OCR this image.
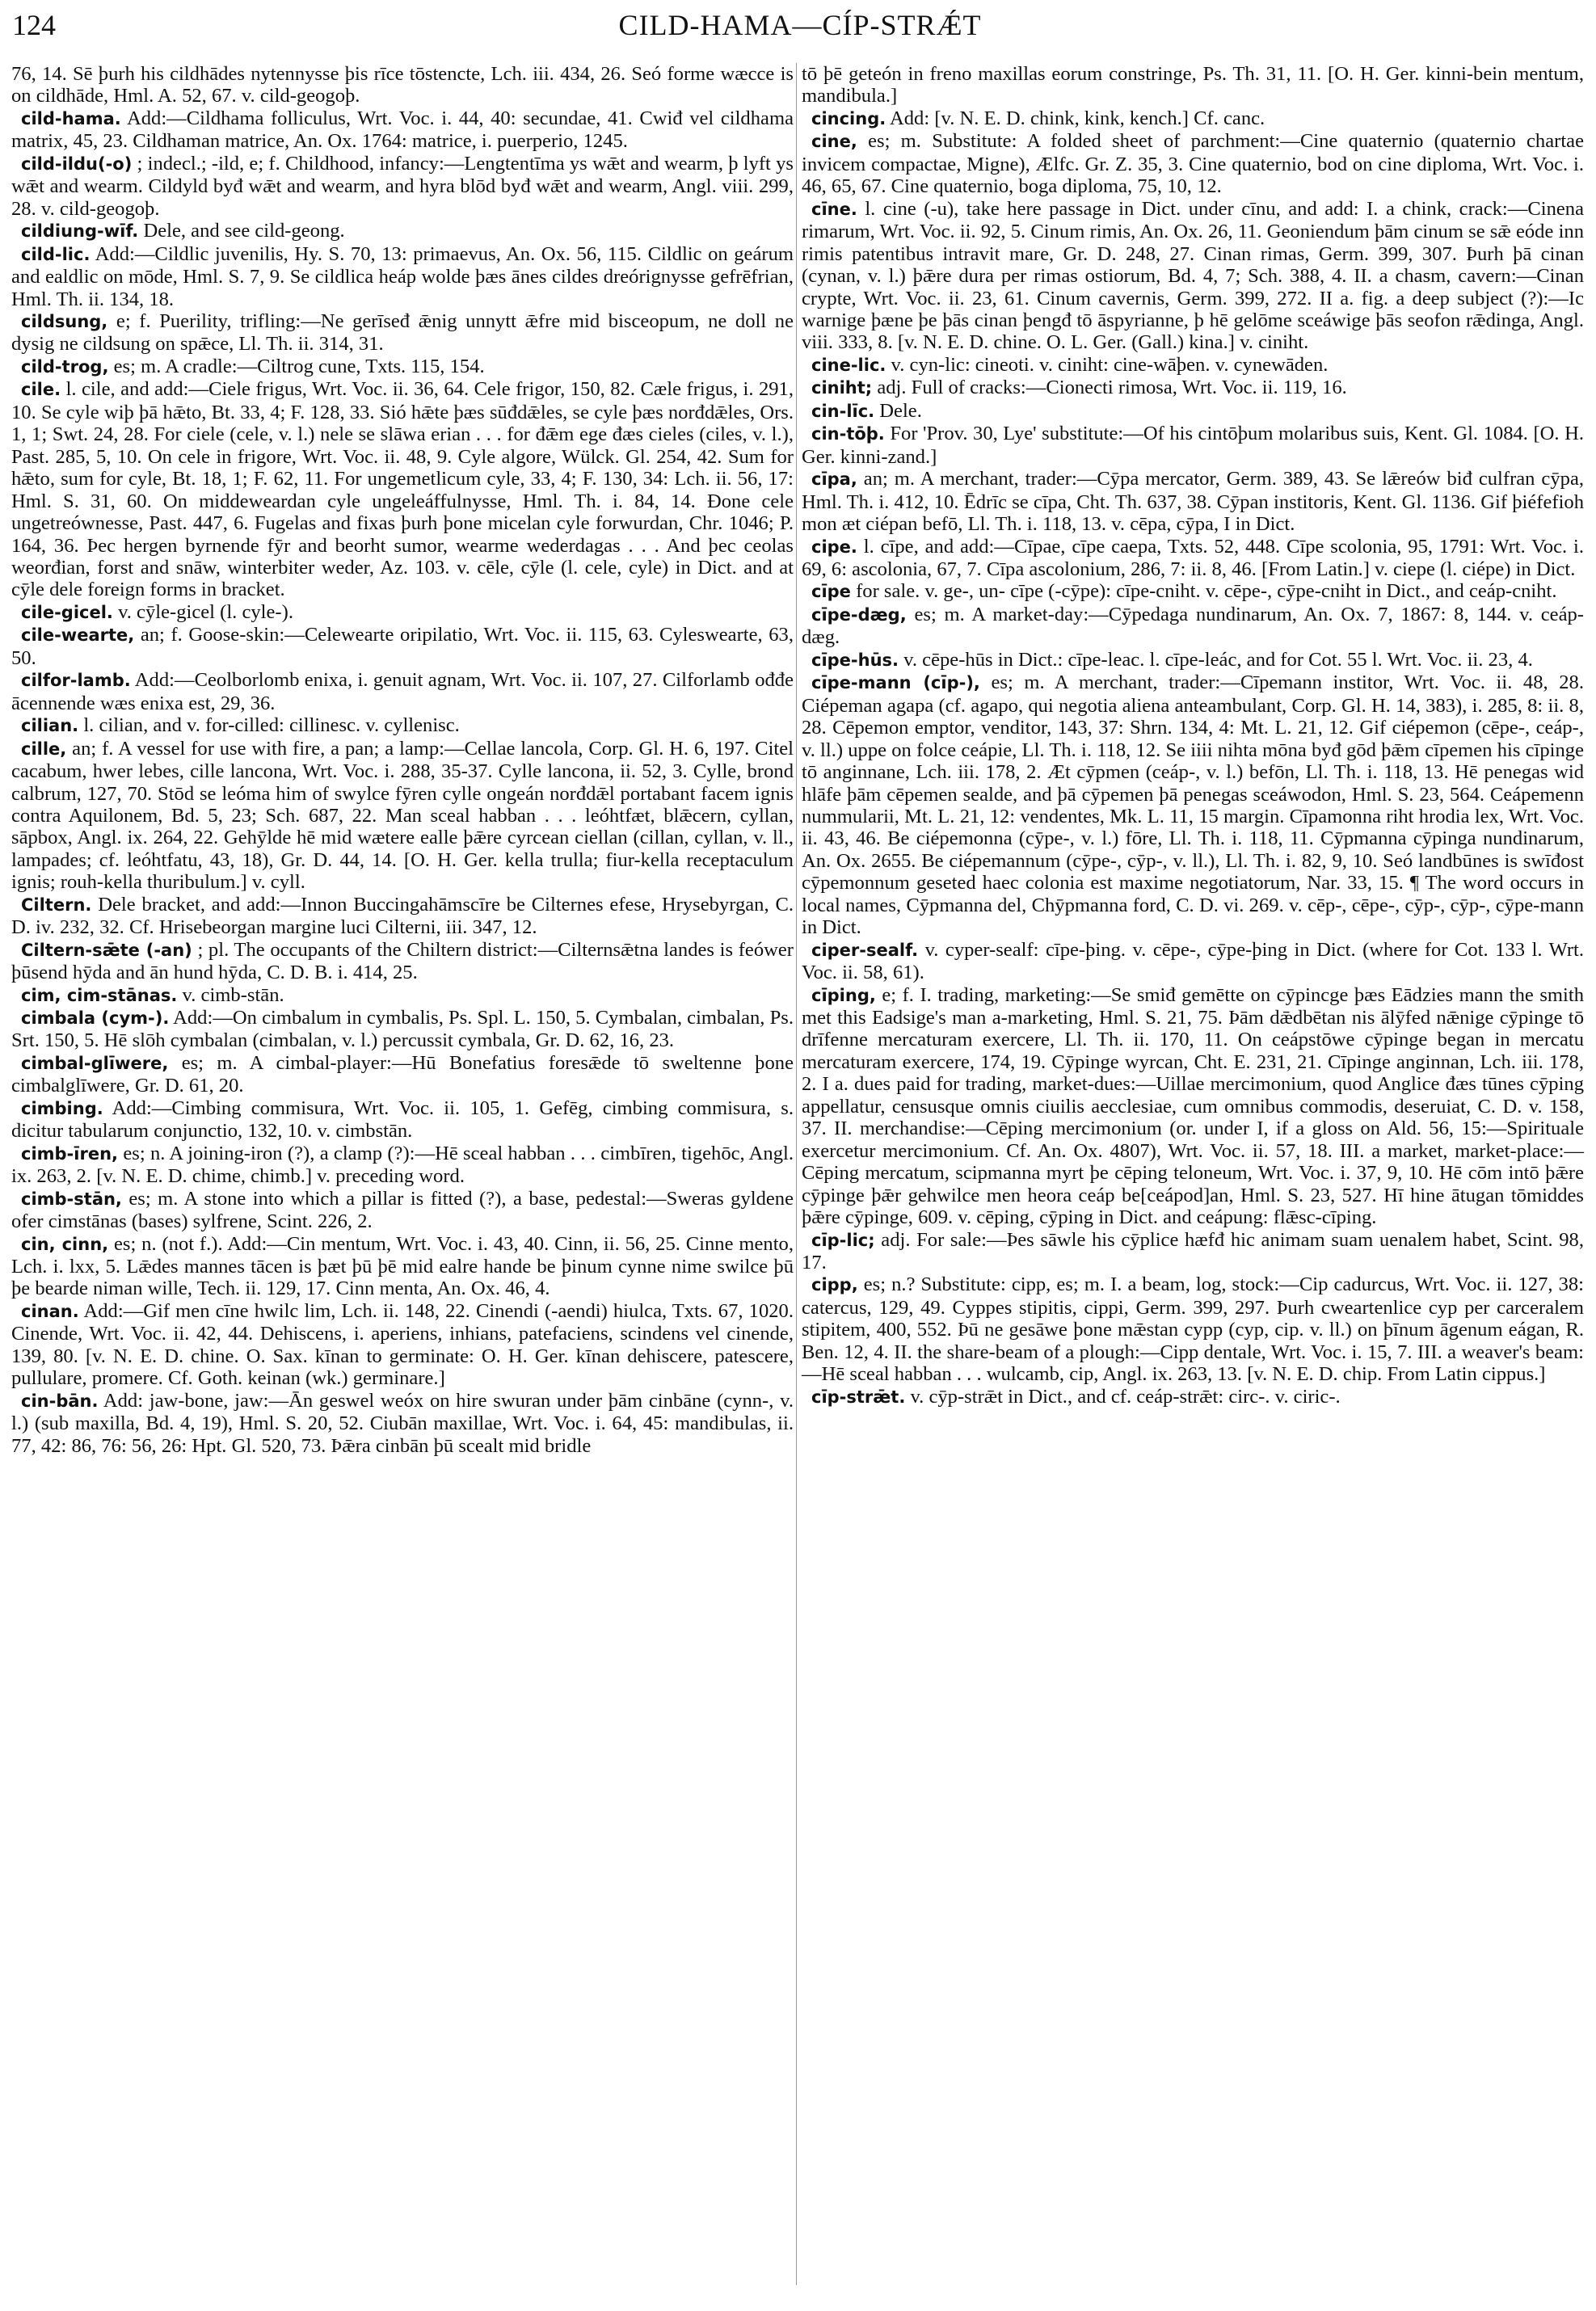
124	CILD-HAMA—CÍP-STRǼT

76, 14. Sē þurh his cildhādes nytennysse þis rīce tōstencte, Lch. iii. 434, 26. Seó forme wæcce is on cildhāde, Hml. A. 52, 67. v. cild-geogoþ.

cild-hama. Add:—Cildhama folliculus, Wrt. Voc. i. 44, 40: secundae, 41. Cwiđ vel cildhama matrix, 45, 23. Cildhaman matrice, An. Ox. 1764: matrice, i. puerperio, 1245.

cild-ildu(-o) ; indecl.; -ild, e; f. Childhood, infancy:—Lengtentīma ys wǣt and wearm, þ lyft ys wǣt and wearm. Cildyld byđ wǣt and wearm, and hyra blōd byđ wǣt and wearm, Angl. viii. 299, 28. v. cild-geogoþ.

cildiung-wīf. Dele, and see cild-geong.

cild-lic. Add:—Cildlic juvenilis, Hy. S. 70, 13: primaevus, An. Ox. 56, 115. Cildlic on geárum and ealdlic on mōde, Hml. S. 7, 9. Se cildlica heáp wolde þæs ānes cildes dreórignysse gefrēfrian, Hml. Th. ii. 134, 18.

cildsung, e; f. Puerility, trifling:—Ne gerīseđ ǣnig unnytt ǣfre mid bisceopum, ne doll ne dysig ne cildsung on spǣce, Ll. Th. ii. 314, 31.

cild-trog, es; m. A cradle:—Ciltrog cune, Txts. 115, 154.

cile. l. cile, and add:—Ciele frigus, Wrt. Voc. ii. 36, 64. Cele frigor, 150, 82. Cæle frigus, i. 291, 10. Se cyle wiþ þā hǣto, Bt. 33, 4; F. 128, 33. Sió hǣte þæs sūđdǣles, se cyle þæs norđdǣles, Ors. 1, 1; Swt. 24, 28. For ciele (cele, v. l.) nele se slāwa erian . . . for đǣm ege đæs cieles (ciles, v. l.), Past. 285, 5, 10. On cele in frigore, Wrt. Voc. ii. 48, 9. Cyle algore, Wülck. Gl. 254, 42. Sum for hǣto, sum for cyle, Bt. 18, 1; F. 62, 11. For ungemetlicum cyle, 33, 4; F. 130, 34: Lch. ii. 56, 17: Hml. S. 31, 60. On middeweardan cyle ungeleáffulnysse, Hml. Th. i. 84, 14. Đone cele ungetreównesse, Past. 447, 6. Fugelas and fixas þurh þone micelan cyle forwurdan, Chr. 1046; P. 164, 36. Þec hergen byrnende fȳr and beorht sumor, wearme wederdagas . . . And þec ceolas weorđian, forst and snāw, winterbiter weder, Az. 103. v. cēle, cȳle (l. cele, cyle) in Dict. and at cȳle dele foreign forms in bracket.

cile-gicel. v. cȳle-gicel (l. cyle-).

cile-wearte, an; f. Goose-skin:—Celewearte oripilatio, Wrt. Voc. ii. 115, 63. Cyleswearte, 63, 50.

cilfor-lamb. Add:—Ceolborlomb enixa, i. genuit agnam, Wrt. Voc. ii. 107, 27. Cilforlamb ođđe ācennende wæs enixa est, 29, 36.

cilian. l. cilian, and v. for-cilled: cillinesc. v. cyllenisc.

cille, an; f. A vessel for use with fire, a pan; a lamp:—Cellae lancola, Corp. Gl. H. 6, 197. Citel cacabum, hwer lebes, cille lancona, Wrt. Voc. i. 288, 35-37. Cylle lancona, ii. 52, 3. Cylle, brond calbrum, 127, 70. Stōd se leóma him of swylce fȳren cylle ongeán norđdǣl portabant facem ignis contra Aquilonem, Bd. 5, 23; Sch. 687, 22. Man sceal habban . . . leóhtfæt, blǣcern, cyllan, sāpbox, Angl. ix. 264, 22. Gehȳlde hē mid wætere ealle þǣre cyrcean ciellan (cillan, cyllan, v. ll., lampades; cf. leóhtfatu, 43, 18), Gr. D. 44, 14. [O. H. Ger. kella trulla; fiur-kella receptaculum ignis; rouh-kella thuribulum.] v. cyll.

Ciltern. Dele bracket, and add:—Innon Buccingahāmscīre be Cilternes efese, Hrysebyrgan, C. D. iv. 232, 32. Cf. Hrisebeorgan margine luci Cilterni, iii. 347, 12.

Ciltern-sǣte (-an) ; pl. The occupants of the Chiltern district:—Cilternsǣtna landes is feówer þūsend hȳda and ān hund hȳda, C. D. B. i. 414, 25.

cim, cim-stānas. v. cimb-stān.

cimbala (cym-). Add:—On cimbalum in cymbalis, Ps. Spl. L. 150, 5. Cymbalan, cimbalan, Ps. Srt. 150, 5. Hē slōh cymbalan (cimbalan, v. l.) percussit cymbala, Gr. D. 62, 16, 23.

cimbal-glīwere, es; m. A cimbal-player:—Hū Bonefatius foresǣde tō sweltenne þone cimbalglīwere, Gr. D. 61, 20.

cimbing. Add:—Cimbing commisura, Wrt. Voc. ii. 105, 1. Gefēg, cimbing commisura, s. dicitur tabularum conjunctio, 132, 10. v. cimbstān.

cimb-īren, es; n. A joining-iron (?), a clamp (?):—Hē sceal habban . . . cimbīren, tigehōc, Angl. ix. 263, 2. [v. N. E. D. chime, chimb.] v. preceding word.

cimb-stān, es; m. A stone into which a pillar is fitted (?), a base, pedestal:—Sweras gyldene ofer cimstānas (bases) sylfrene, Scint. 226, 2.

cin, cinn, es; n. (not f.). Add:—Cin mentum, Wrt. Voc. i. 43, 40. Cinn, ii. 56, 25. Cinne mento, Lch. i. lxx, 5. Lǣdes mannes tācen is þæt þū þē mid ealre hande be þinum cynne nime swilce þū þe bearde niman wille, Tech. ii. 129, 17. Cinn menta, An. Ox. 46, 4.

cinan. Add:—Gif men cīne hwilc lim, Lch. ii. 148, 22. Cinendi (-aendi) hiulca, Txts. 67, 1020. Cinende, Wrt. Voc. ii. 42, 44. Dehiscens, i. aperiens, inhians, patefaciens, scindens vel cinende, 139, 80. [v. N. E. D. chine. O. Sax. kīnan to germinate: O. H. Ger. kīnan dehiscere, patescere, pullulare, promere. Cf. Goth. keinan (wk.) germinare.]

cin-bān. Add: jaw-bone, jaw:—Ān geswel weóx on hire swuran under þām cinbāne (cynn-, v. l.) (sub maxilla, Bd. 4, 19), Hml. S. 20, 52. Ciubān maxillae, Wrt. Voc. i. 64, 45: mandibulas, ii. 77, 42: 86, 76: 56, 26: Hpt. Gl. 520, 73. Þǣra cinbān þū scealt mid bridle

tō þē geteón in freno maxillas eorum constringe, Ps. Th. 31, 11. [O. H. Ger. kinni-bein mentum, mandibula.]

cincing. Add: [v. N. E. D. chink, kink, kench.] Cf. canc.

cine, es; m. Substitute: A folded sheet of parchment:—Cine quaternio (quaternio chartae invicem compactae, Migne), Ælfc. Gr. Z. 35, 3. Cine quaternio, bod on cine diploma, Wrt. Voc. i. 46, 65, 67. Cine quaternio, boga diploma, 75, 10, 12.

cīne. l. cine (-u), take here passage in Dict. under cīnu, and add: I. a chink, crack:—Cinena rimarum, Wrt. Voc. ii. 92, 5. Cinum rimis, An. Ox. 26, 11. Geoniendum þām cinum se sǣ eóde inn rimis patentibus intravit mare, Gr. D. 248, 27. Cinan rimas, Germ. 399, 307. Þurh þā cinan (cynan, v. l.) þǣre dura per rimas ostiorum, Bd. 4, 7; Sch. 388, 4. II. a chasm, cavern:—Cinan crypte, Wrt. Voc. ii. 23, 61. Cinum cavernis, Germ. 399, 272. II a. fig. a deep subject (?):—Ic warnige þæne þe þās cinan þengđ tō āspyrianne, þ hē gelōme sceáwige þās seofon rǣdinga, Angl. viii. 333, 8. [v. N. E. D. chine. O. L. Ger. (Gall.) kina.] v. ciniht.

cine-lic. v. cyn-lic: cineoti. v. ciniht: cine-wāþen. v. cynewāden.

ciniht; adj. Full of cracks:—Cionecti rimosa, Wrt. Voc. ii. 119, 16.

cin-līc. Dele.

cin-tōþ. For 'Prov. 30, Lye' substitute:—Of his cintōþum molaribus suis, Kent. Gl. 1084. [O. H. Ger. kinni-zand.]

cīpa, an; m. A merchant, trader:—Cȳpa mercator, Germ. 389, 43. Se lǣreów biđ culfran cȳpa, Hml. Th. i. 412, 10. Ēdrīc se cīpa, Cht. Th. 637, 38. Cȳpan institoris, Kent. Gl. 1136. Gif þiéfefioh mon æt ciépan befō, Ll. Th. i. 118, 13. v. cēpa, cȳpa, I in Dict.

cipe. l. cīpe, and add:—Cīpae, cīpe caepa, Txts. 52, 448. Cīpe scolonia, 95, 1791: Wrt. Voc. i. 69, 6: ascolonia, 67, 7. Cīpa ascolonium, 286, 7: ii. 8, 46. [From Latin.] v. ciepe (l. ciépe) in Dict.

cīpe for sale. v. ge-, un- cīpe (-cȳpe): cīpe-cniht. v. cēpe-, cȳpe-cniht in Dict., and ceáp-cniht.

cīpe-dæg, es; m. A market-day:—Cȳpedaga nundinarum, An. Ox. 7, 1867: 8, 144. v. ceáp-dæg.

cīpe-hūs. v. cēpe-hūs in Dict.: cīpe-leac. l. cīpe-leác, and for Cot. 55 l. Wrt. Voc. ii. 23, 4.

cīpe-mann (cīp-), es; m. A merchant, trader:—Cīpemann institor, Wrt. Voc. ii. 48, 28. Ciépeman agapa (cf. agapo, qui negotia aliena anteambulant, Corp. Gl. H. 14, 383), i. 285, 8: ii. 8, 28. Cēpemon emptor, venditor, 143, 37: Shrn. 134, 4: Mt. L. 21, 12. Gif ciépemon (cēpe-, ceáp-, v. ll.) uppe on folce ceápie, Ll. Th. i. 118, 12. Se iiii nihta mōna byđ gōd þǣm cīpemen his cīpinge tō anginnane, Lch. iii. 178, 2. Æt cȳpmen (ceáp-, v. l.) befōn, Ll. Th. i. 118, 13. Hē penegas wid hlāfe þām cēpemen sealde, and þā cȳpemen þā penegas sceáwodon, Hml. S. 23, 564. Ceápemenn nummularii, Mt. L. 21, 12: vendentes, Mk. L. 11, 15 margin. Cīpamonna riht hrodia lex, Wrt. Voc. ii. 43, 46. Be ciépemonna (cȳpe-, v. l.) fōre, Ll. Th. i. 118, 11. Cȳpmanna cȳpinga nundinarum, An. Ox. 2655. Be ciépemannum (cȳpe-, cȳp-, v. ll.), Ll. Th. i. 82, 9, 10. Seó landbūnes is swīđost cȳpemonnum geseted haec colonia est maxime negotiatorum, Nar. 33, 15. ¶ The word occurs in local names, Cȳpmanna del, Chȳpmanna ford, C. D. vi. 269. v. cēp-, cēpe-, cȳp-, cȳp-, cȳpe-mann in Dict.

ciper-sealf. v. cyper-sealf: cīpe-þing. v. cēpe-, cȳpe-þing in Dict. (where for Cot. 133 l. Wrt. Voc. ii. 58, 61).

cīping, e; f. I. trading, marketing:—Se smiđ gemētte on cȳpincge þæs Eādzies mann the smith met this Eadsige's man a-marketing, Hml. S. 21, 75. Þām dǣdbētan nis ālȳfed nǣnige cȳpinge tō drīfenne mercaturam exercere, Ll. Th. ii. 170, 11. On ceápstōwe cȳpinge began in mercatu mercaturam exercere, 174, 19. Cȳpinge wyrcan, Cht. E. 231, 21. Cīpinge anginnan, Lch. iii. 178, 2. I a. dues paid for trading, market-dues:—Uillae mercimonium, quod Anglice đæs tūnes cȳping appellatur, censusque omnis ciuilis aecclesiae, cum omnibus commodis, deseruiat, C. D. v. 158, 37. II. merchandise:—Cēping mercimonium (or. under I, if a gloss on Ald. 56, 15:—Spirituale exercetur mercimonium. Cf. An. Ox. 4807), Wrt. Voc. ii. 57, 18. III. a market, market-place:—Cēping mercatum, scipmanna myrt þe cēping teloneum, Wrt. Voc. i. 37, 9, 10. Hē cōm intō þǣre cȳpinge þǣr gehwilce men heora ceáp be[ceápod]an, Hml. S. 23, 527. Hī hine ātugan tōmiddes þǣre cȳpinge, 609. v. cēping, cȳping in Dict. and ceápung: flǣsc-cīping.

cīp-lic; adj. For sale:—Þes sāwle his cȳplice hæfđ hic animam suam uenalem habet, Scint. 98, 17.

cipp, es; n.? Substitute: cipp, es; m. I. a beam, log, stock:—Cip cadurcus, Wrt. Voc. ii. 127, 38: catercus, 129, 49. Cyppes stipitis, cippi, Germ. 399, 297. Þurh cweartenlice cyp per carceralem stipitem, 400, 552. Þū ne gesāwe þone mǣstan cypp (cyp, cip. v. ll.) on þīnum āgenum eágan, R. Ben. 12, 4. II. the share-beam of a plough:—Cipp dentale, Wrt. Voc. i. 15, 7. III. a weaver's beam:—Hē sceal habban . . . wulcamb, cip, Angl. ix. 263, 13. [v. N. E. D. chip. From Latin cippus.]

cīp-strǣt. v. cȳp-strǣt in Dict., and cf. ceáp-strǣt: circ-. v. ciric-.
